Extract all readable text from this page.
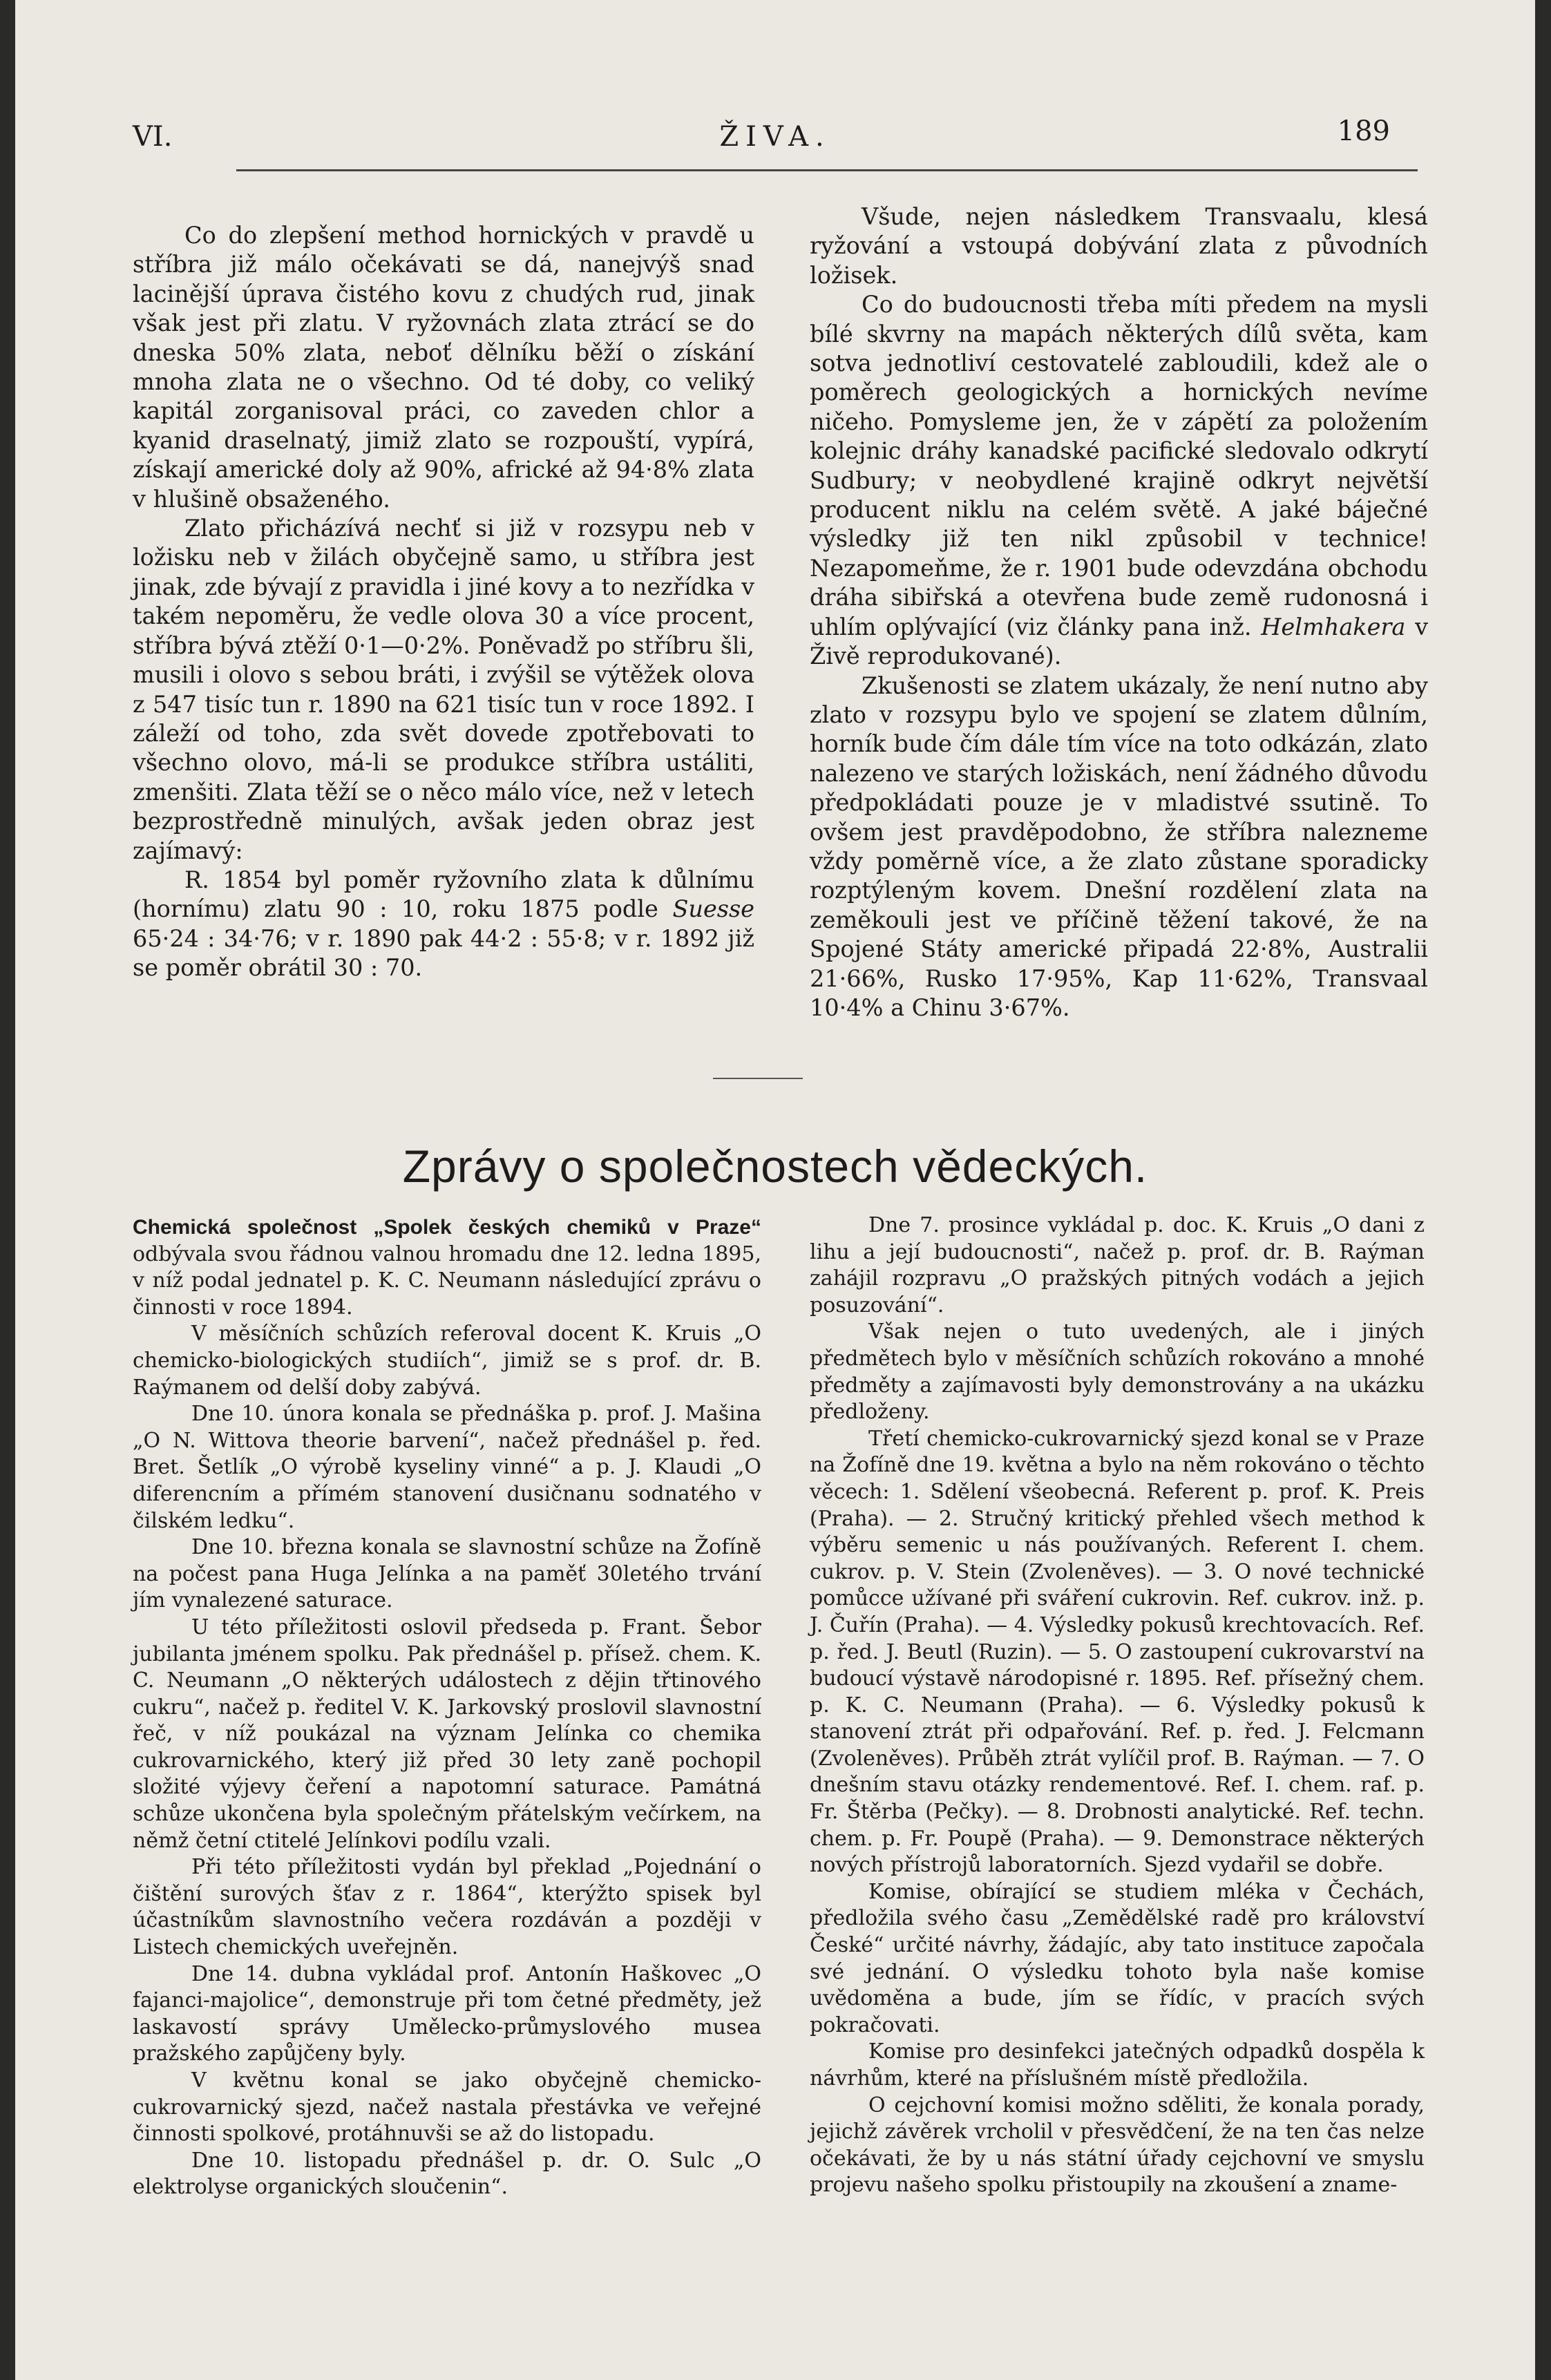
VI.	ŽIVA.	189

Co do zlepšení method hornických v pravdě u stříbra již málo očekávati se dá, nanejvýš snad lacinější úprava čistého kovu z chudých rud, jinak však jest při zlatu. V ryžovnách zlata ztrácí se do dneska 50% zlata, neboť dělníku běží o získání mnoha zlata ne o všechno. Od té doby, co veliký kapitál zorganisoval práci, co zaveden chlor a kyanid draselnatý, jimiž zlato se rozpouští, vypírá, získají americké doly až 90%, africké až 94·8% zlata v hlušině obsaženého.

Zlato přicházívá nechť si již v rozsypu neb v ložisku neb v žilách obyčejně samo, u stříbra jest jinak, zde bývají z pravidla i jiné kovy a to nezřídka v takém nepoměru, že vedle olova 30 a více procent, stříbra bývá ztěží 0·1—0·2%. Poněvadž po stříbru šli, musili i olovo s sebou bráti, i zvýšil se výtěžek olova z 547 tisíc tun r. 1890 na 621 tisíc tun v roce 1892. I záleží od toho, zda svět dovede zpotřebovati to všechno olovo, má-li se produkce stříbra ustáliti, zmenšiti. Zlata těží se o něco málo více, než v letech bezprostředně minulých, avšak jeden obraz jest zajímavý:

R. 1854 byl poměr ryžovního zlata k důlnímu (hornímu) zlatu 90 : 10, roku 1875 podle Suesse 65·24 : 34·76; v r. 1890 pak 44·2 : 55·8; v r. 1892 již se poměr obrátil 30 : 70.

Všude, nejen následkem Transvaalu, klesá ryžování a vstoupá dobývání zlata z původních ložisek.

Co do budoucnosti třeba míti předem na mysli bílé skvrny na mapách některých dílů světa, kam sotva jednotliví cestovatelé zabloudili, kdež ale o poměrech geologických a hornických nevíme ničeho. Pomysleme jen, že v zápětí za položením kolejnic dráhy kanadské pacifické sledovalo odkrytí Sudbury; v neobydlené krajině odkryt největší producent niklu na celém světě. A jaké báječné výsledky již ten nikl způsobil v technice! Nezapomeňme, že r. 1901 bude odevzdána obchodu dráha sibiřská a otevřena bude země rudonosná i uhlím oplývající (viz články pana inž. Helmhakera v Živě reprodukované).

Zkušenosti se zlatem ukázaly, že není nutno aby zlato v rozsypu bylo ve spojení se zlatem důlním, horník bude čím dále tím více na toto odkázán, zlato nalezeno ve starých ložiskách, není žádného důvodu předpokládati pouze je v mladistvé ssutině. To ovšem jest pravděpodobno, že stříbra nalezneme vždy poměrně více, a že zlato zůstane sporadicky rozptýleným kovem. Dnešní rozdělení zlata na zeměkouli jest ve příčině těžení takové, že na Spojené Státy americké připadá 22·8%, Australii 21·66%, Rusko 17·95%, Kap 11·62%, Transvaal 10·4% a Chinu 3·67%.

Zprávy o společnostech vědeckých.

Chemická společnost „Spolek českých chemiků v Praze“ odbývala svou řádnou valnou hromadu dne 12. ledna 1895, v níž podal jednatel p. K. C. Neumann následující zprávu o činnosti v roce 1894.

V měsíčních schůzích referoval docent K. Kruis „O chemicko-biologických studiích“, jimiž se s prof. dr. B. Raýmanem od delší doby zabývá.

Dne 10. února konala se přednáška p. prof. J. Mašina „O N. Wittova theorie barvení“, načež přednášel p. řed. Bret. Šetlík „O výrobě kyseliny vinné“ a p. J. Klaudi „O diferencním a přímém stanovení dusičnanu sodnatého v čilském ledku“.

Dne 10. března konala se slavnostní schůze na Žofíně na počest pana Huga Jelínka a na paměť 30letého trvání jím vynalezené saturace.

U této příležitosti oslovil předseda p. Frant. Šebor jubilanta jménem spolku. Pak přednášel p. přísež. chem. K. C. Neumann „O některých událostech z dějin třtinového cukru“, načež p. ředitel V. K. Jarkovský proslovil slavnostní řeč, v níž poukázal na význam Jelínka co chemika cukrovarnického, který již před 30 lety zaně pochopil složité výjevy čeření a napotomní saturace. Památná schůze ukončena byla společným přátelským večírkem, na němž četní ctitelé Jelínkovi podílu vzali.

Při této příležitosti vydán byl překlad „Pojednání o čištění surových šťav z r. 1864“, kterýžto spisek byl účastníkům slavnostního večera rozdáván a později v Listech chemických uveřejněn.

Dne 14. dubna vykládal prof. Antonín Haškovec „O fajanci-majolice“, demonstruje při tom četné předměty, jež laskavostí správy Umělecko-průmyslového musea pražského zapůjčeny byly.

V květnu konal se jako obyčejně chemicko-cukrovarnický sjezd, načež nastala přestávka ve veřejné činnosti spolkové, protáhnuvši se až do listopadu.

Dne 10. listopadu přednášel p. dr. O. Sulc „O elektrolyse organických sloučenin“.

Dne 7. prosince vykládal p. doc. K. Kruis „O dani z lihu a její budoucnosti“, načež p. prof. dr. B. Raýman zahájil rozpravu „O pražských pitných vodách a jejich posuzování“.

Však nejen o tuto uvedených, ale i jiných předmětech bylo v měsíčních schůzích rokováno a mnohé předměty a zajímavosti byly demonstrovány a na ukázku předloženy.

Třetí chemicko-cukrovarnický sjezd konal se v Praze na Žofíně dne 19. května a bylo na něm rokováno o těchto věcech: 1. Sdělení všeobecná. Referent p. prof. K. Preis (Praha). — 2. Stručný kritický přehled všech method k výběru semenic u nás používaných. Referent I. chem. cukrov. p. V. Stein (Zvoleněves). — 3. O nové technické pomůcce užívané při sváření cukrovin. Ref. cukrov. inž. p. J. Čuřín (Praha). — 4. Výsledky pokusů krechtovacích. Ref. p. řed. J. Beutl (Ruzin). — 5. O zastoupení cukrovarství na budoucí výstavě národopisné r. 1895. Ref. přísežný chem. p. K. C. Neumann (Praha). — 6. Výsledky pokusů k stanovení ztrát při odpařování. Ref. p. řed. J. Felcmann (Zvoleněves). Průběh ztrát vylíčil prof. B. Raýman. — 7. O dnešním stavu otázky rendementové. Ref. I. chem. raf. p. Fr. Štěrba (Pečky). — 8. Drobnosti analytické. Ref. techn. chem. p. Fr. Poupě (Praha). — 9. Demonstrace některých nových přístrojů laboratorních. Sjezd vydařil se dobře.

Komise, obírající se studiem mléka v Čechách, předložila svého času „Zemědělské radě pro království České“ určité návrhy, žádajíc, aby tato instituce započala své jednání. O výsledku tohoto byla naše komise uvědoměna a bude, jím se řídíc, v pracích svých pokračovati.

Komise pro desinfekci jatečných odpadků dospěla k návrhům, které na příslušném místě předložila.

O cejchovní komisi možno sděliti, že konala porady, jejichž závěrek vrcholil v přesvědčení, že na ten čas nelze očekávati, že by u nás státní úřady cejchovní ve smyslu projevu našeho spolku přistoupily na zkoušení a zname-
